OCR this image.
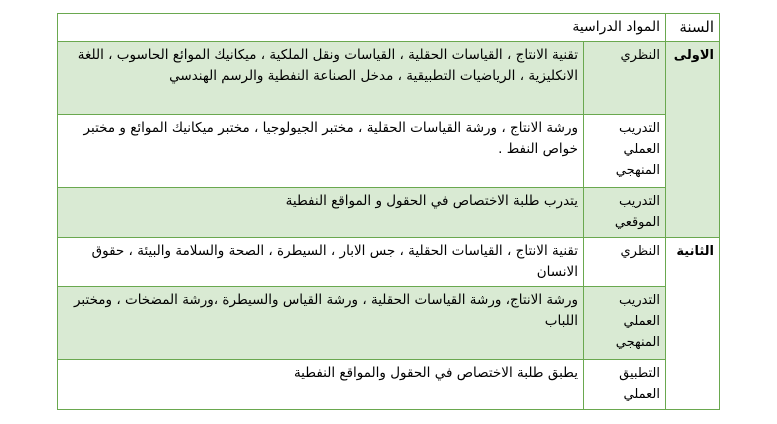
السنة	المواد الدراسية	
الاولى	النظري	تقنية الانتاج ، القياسات الحقلية ، القياسات ونقل الملكية ، ميكانيك الموائع الحاسوب ، اللغة الانكليزية ، الرياضيات التطبيقية ، مدخل الصناعة النفطية والرسم الهندسي
	التدريب العملي المنهجي	ورشة الانتاج ، ورشة القياسات الحقلية ، مختبر الجيولوجيا ، مختبر ميكانيك الموائع و مختبر خواص النفط .
	التدريب الموقعي	يتدرب طلبة الاختصاص في الحقول و المواقع النفطية
الثانية	النظري	تقنية الانتاج ، القياسات الحقلية ، جس الابار ، السيطرة ، الصحة والسلامة والبيئة ، حقوق الانسان
	التدريب العملي المنهجي	ورشة الانتاج، ورشة القياسات الحقلية ، ورشة القياس والسيطرة ،ورشة المضخات ، ومختبر اللباب
	التطبيق العملي	يطبق طلبة الاختصاص في الحقول والمواقع النفطية
